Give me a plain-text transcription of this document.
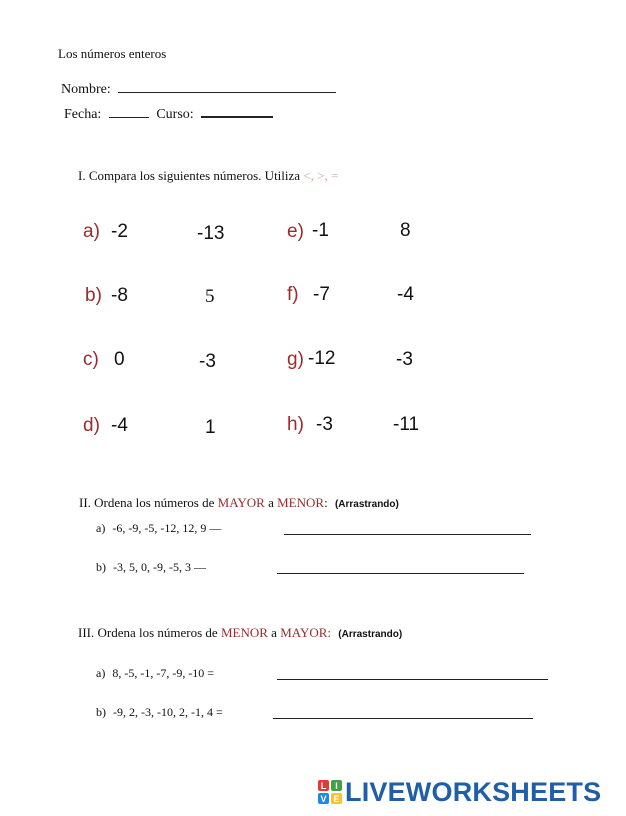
Los números enteros
Nombre:
Fecha:	Curso:
I. Compara los siguientes números. Utiliza <, >, =
a) -2	-13
b) -8	5
c) 0	-3
d) -4	1
e) -1	8
f) -7	-4
g) -12	-3
h) -3	-11
II. Ordena los números de MAYOR a MENOR: (Arrastrando)
a) -6, -9, -5, -12, 12, 9 —
b) -3, 5, 0, -9, -5, 3 —
III. Ordena los números de MENOR a MAYOR: (Arrastrando)
a) 8, -5, -1, -7, -9, -10 =
b) -9, 2, -3, -10, 2, -1, 4 =
L I
V E LIVEWORKSHEETS
